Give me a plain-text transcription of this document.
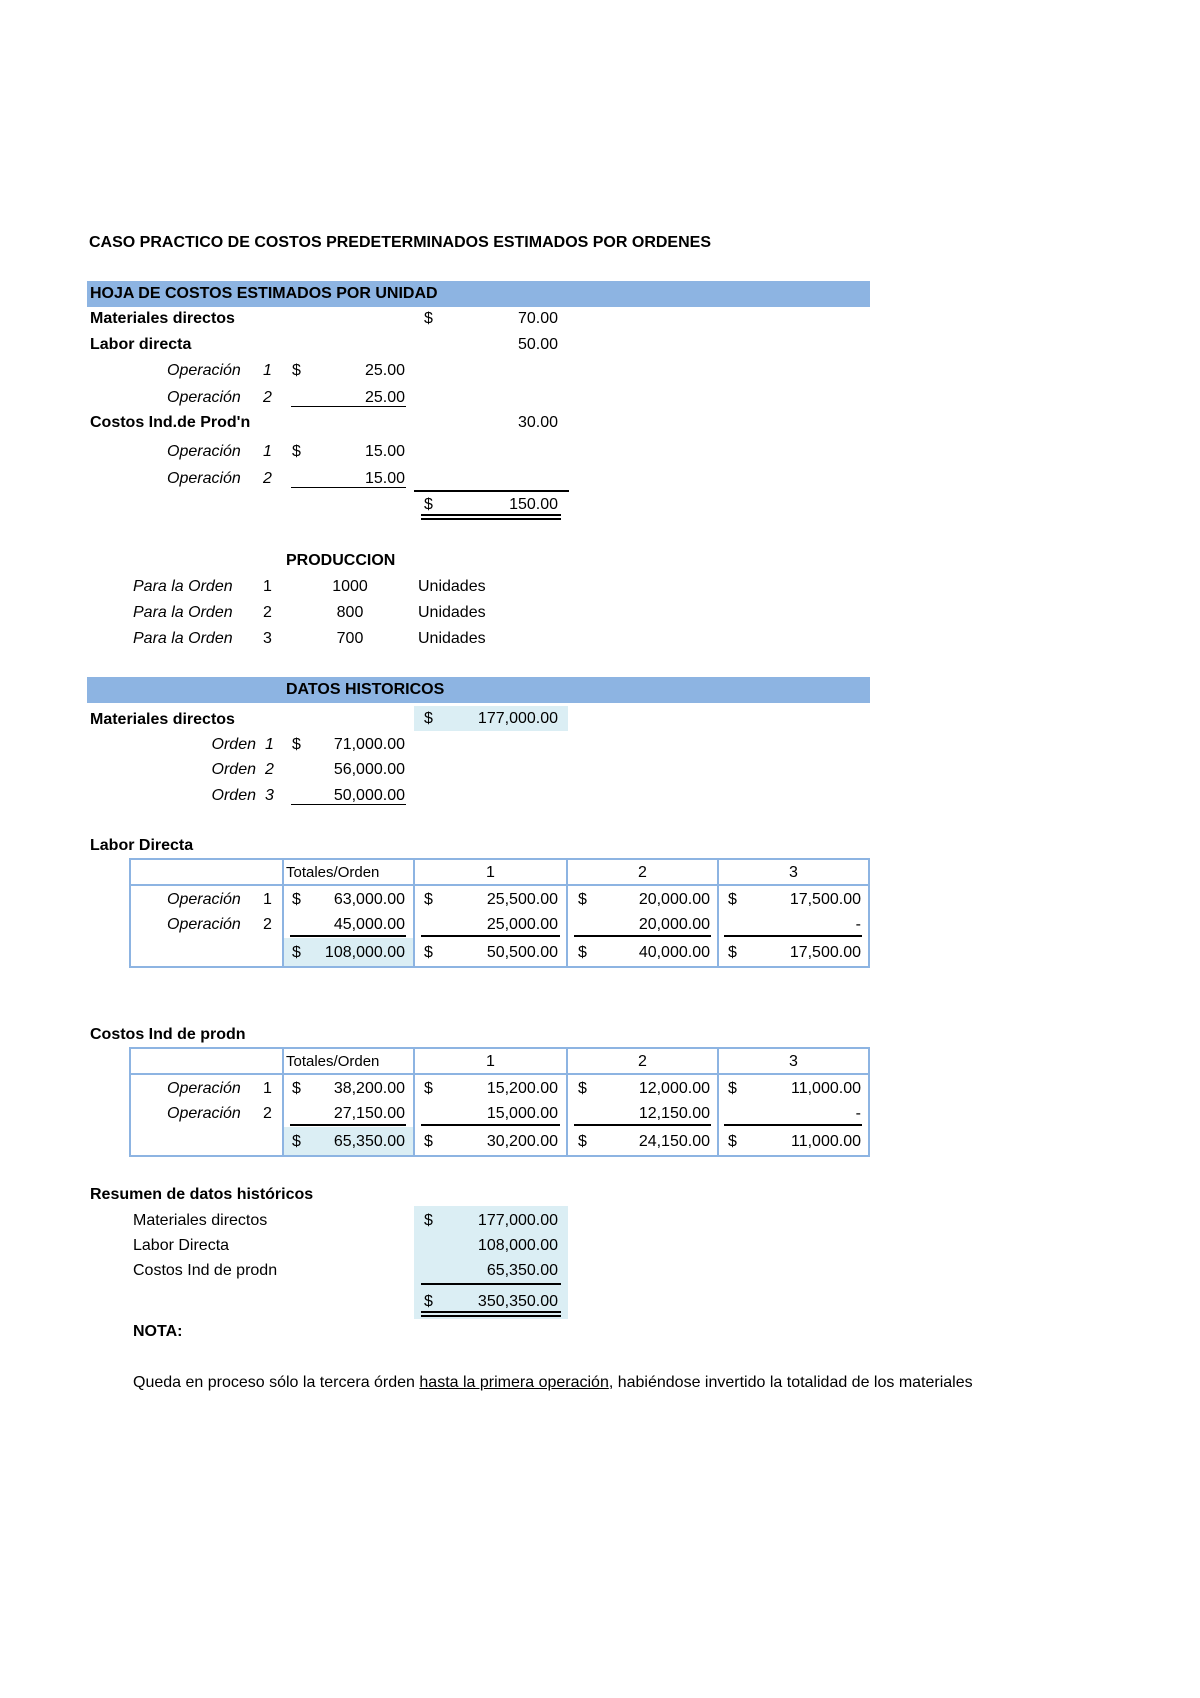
CASO PRACTICO DE COSTOS PREDETERMINADOS ESTIMADOS POR ORDENES
HOJA DE COSTOS ESTIMADOS POR UNIDAD
Materiales directos	$	70.00
Labor directa	50.00
Operación 1 $	25.00
Operación 2	25.00
Costos Ind.de Prod'n	30.00
Operación 1 $	15.00
Operación 2	15.00
$	150.00
PRODUCCION
Para la Orden 1	1000	Unidades
Para la Orden 2	800	Unidades
Para la Orden 3	700	Unidades
DATOS HISTORICOS
Materiales directos	$	177,000.00
Orden 1 $	71,000.00
Orden 2	56,000.00
Orden 3	50,000.00
Labor Directa
Totales/Orden	1	2	3
Operación 1 $	63,000.00 $	25,500.00 $	20,000.00 $	17,500.00
Operación 2	45,000.00	25,000.00	20,000.00	-
$	108,000.00 $	50,500.00 $	40,000.00 $	17,500.00
Costos Ind de prodn
Totales/Orden	1	2	3
Operación 1 $	38,200.00 $	15,200.00 $	12,000.00 $	11,000.00
Operación 2	27,150.00	15,000.00	12,150.00	-
$	65,350.00 $	30,200.00 $	24,150.00 $	11,000.00
Resumen de datos históricos
Materiales directos	$	177,000.00
Labor Directa	108,000.00
Costos Ind de prodn	65,350.00
$	350,350.00
NOTA:
Queda en proceso sólo la tercera órden hasta la primera operación, habiéndose invertido la totalidad de los materiales
